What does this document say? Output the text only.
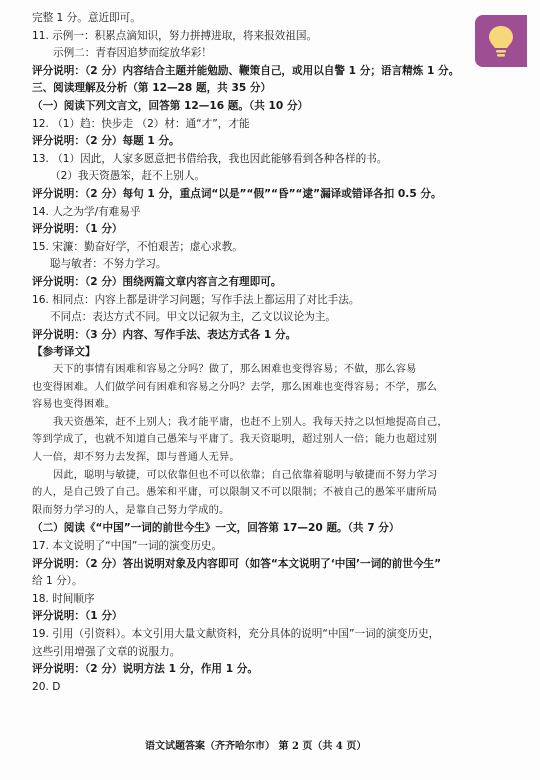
完整 1 分。意近即可。
11. 示例一：积累点滴知识，努力拼搏进取，将来报效祖国。
示例二：青春因追梦而绽放华彩！
评分说明：（2 分）内容结合主题并能勉励、鞭策自己，或用以自警 1 分；语言精炼 1 分。
三、阅读理解及分析（第 12—28 题，共 35 分）
（一）阅读下列文言文，回答第 12—16 题。（共 10 分）
12. （1）趋：快步走 （2）材：通“才”，才能
评分说明：（2 分）每题 1 分。
13. （1）因此，人家多愿意把书借给我，我也因此能够看到各种各样的书。
（2）我天资愚笨，赶不上别人。
评分说明：（2 分）每句 1 分，重点词“以是”“假”“昏”“逮”漏译或错译各扣 0.5 分。
14. 人之为学/有难易乎
评分说明：（1 分）
15. 宋濂：勤奋好学，不怕艰苦；虚心求教。
聪与敏者：不努力学习。
评分说明：（2 分）围绕两篇文章内容言之有理即可。
16. 相同点：内容上都是讲学习问题；写作手法上都运用了对比手法。
不同点：表达方式不同。甲文以记叙为主，乙文以议论为主。
评分说明：（3 分）内容、写作手法、表达方式各 1 分。
【参考译文】
天下的事情有困难和容易之分吗？做了，那么困难也变得容易；不做，那么容易
也变得困难。人们做学问有困难和容易之分吗？去学，那么困难也变得容易；不学，那么
容易也变得困难。
我天资愚笨，赶不上别人；我才能平庸，也赶不上别人。我每天持之以恒地提高自己，
等到学成了，也就不知道自己愚笨与平庸了。我天资聪明，超过别人一倍；能力也超过别
人一倍，却不努力去发挥，即与普通人无异。
因此，聪明与敏捷，可以依靠但也不可以依靠；自己依靠着聪明与敏捷而不努力学习
的人，是自己毁了自己。愚笨和平庸，可以限制又不可以限制；不被自己的愚笨平庸所局
限而努力学习的人，是靠自己努力学成的。
（二）阅读《“中国”一词的前世今生》一文，回答第 17—20 题。（共 7 分）
17. 本文说明了“中国”一词的演变历史。
评分说明：（2 分）答出说明对象及内容即可（如答“本文说明了‘中国’一词的前世今生”
给 1 分）。
18. 时间顺序
评分说明：（1 分）
19. 引用（引资料）。本文引用大量文献资料，充分具体的说明“中国”一词的演变历史，
这些引用增强了文章的说服力。
评分说明：（2 分）说明方法 1 分，作用 1 分。
20. D
语文试题答案（齐齐哈尔市） 第 2 页（共 4 页）
